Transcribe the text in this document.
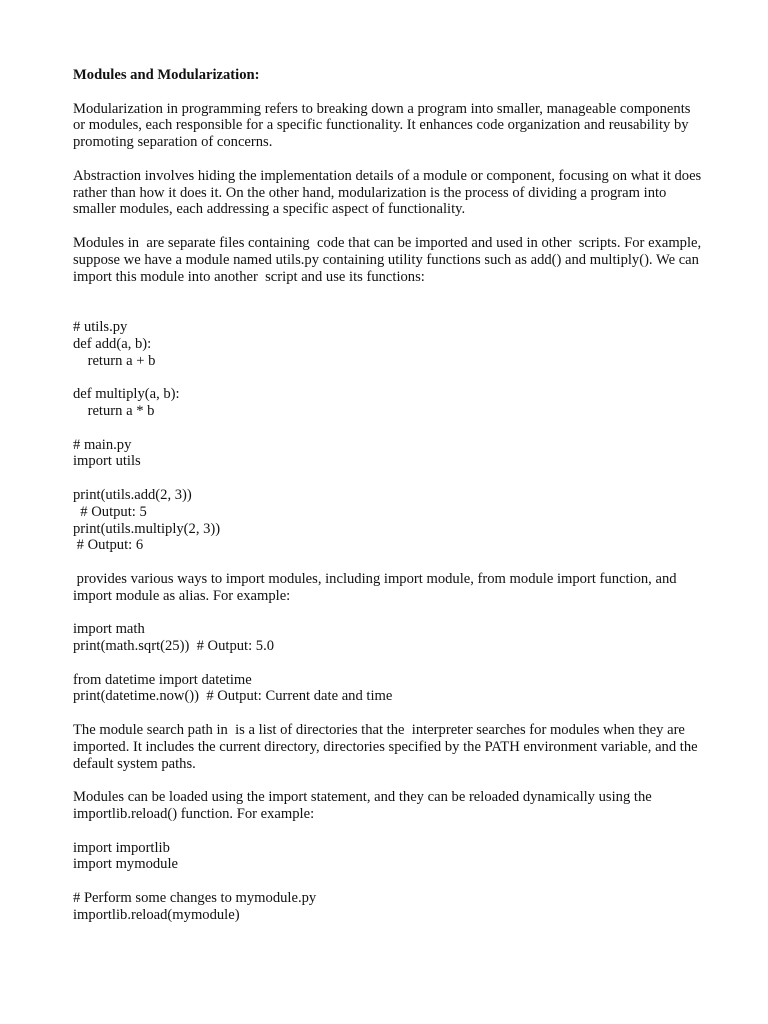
Modules and Modularization:
Modularization in programming refers to breaking down a program into smaller, manageable components or modules, each responsible for a specific functionality. It enhances code organization and reusability by promoting separation of concerns.
Abstraction involves hiding the implementation details of a module or component, focusing on what it does rather than how it does it. On the other hand, modularization is the process of dividing a program into smaller modules, each addressing a specific aspect of functionality.
Modules in  are separate files containing  code that can be imported and used in other  scripts. For example, suppose we have a module named utils.py containing utility functions such as add() and multiply(). We can import this module into another  script and use its functions:
# utils.py
def add(a, b):
return a + b
def multiply(a, b):
return a * b
# main.py
import utils
print(utils.add(2, 3))
# Output: 5
print(utils.multiply(2, 3))
# Output: 6
provides various ways to import modules, including import module, from module import function, and import module as alias. For example:
import math
print(math.sqrt(25))  # Output: 5.0
from datetime import datetime
print(datetime.now())  # Output: Current date and time
The module search path in  is a list of directories that the  interpreter searches for modules when they are imported. It includes the current directory, directories specified by the PATH environment variable, and the default system paths.
Modules can be loaded using the import statement, and they can be reloaded dynamically using the importlib.reload() function. For example:
import importlib
import mymodule
# Perform some changes to mymodule.py
importlib.reload(mymodule)
